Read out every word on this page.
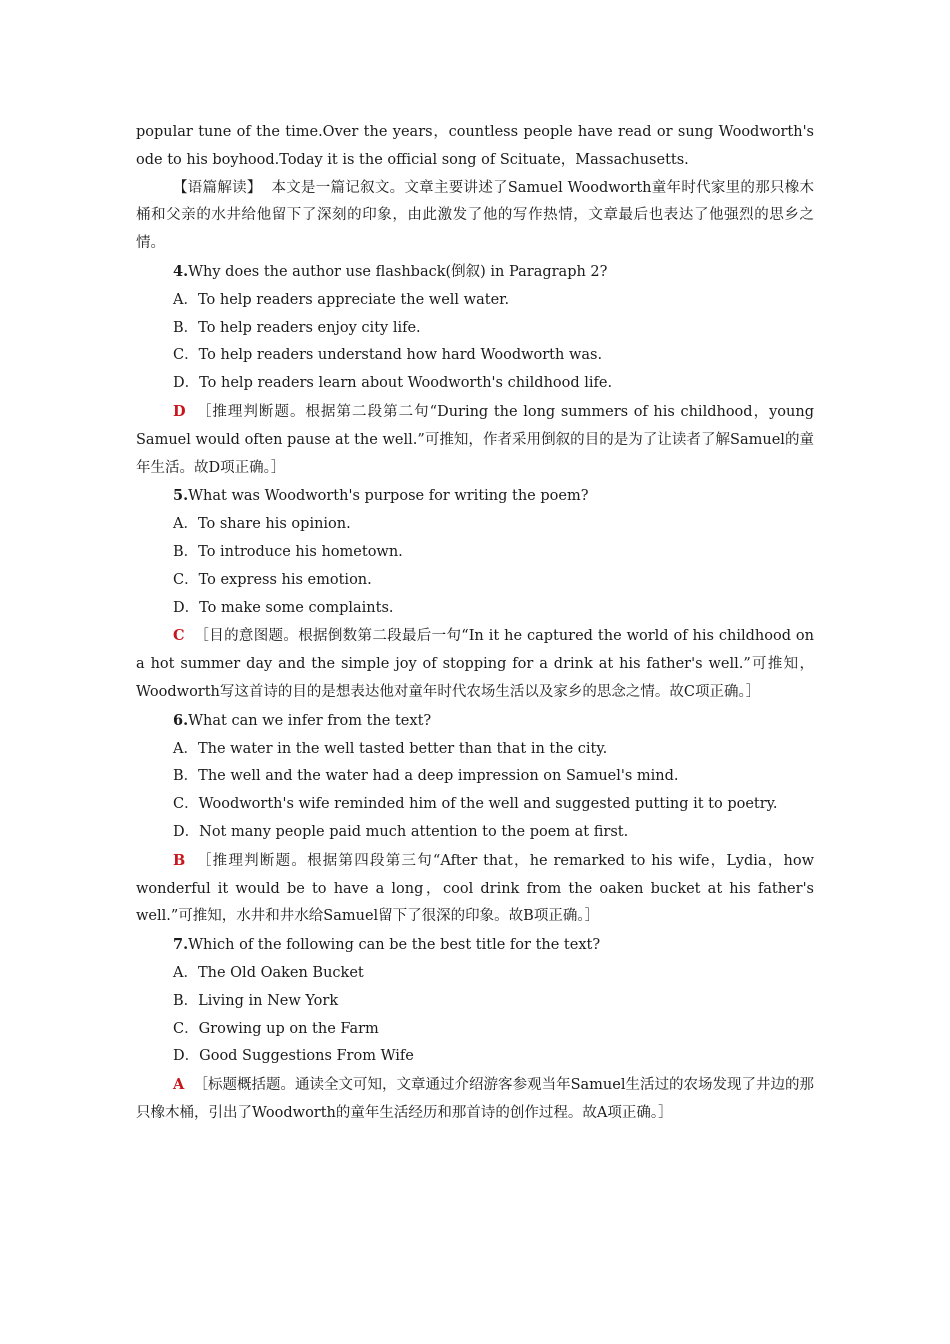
popular tune of the time.Over the years，countless people have read or sung Woodworth's ode to his boyhood.Today it is the official song of Scituate，Massachusetts.

【语篇解读】 本文是一篇记叙文。文章主要讲述了Samuel Woodworth童年时代家里的那只橡木桶和父亲的水井给他留下了深刻的印象，由此激发了他的写作热情，文章最后也表达了他强烈的思乡之情。

4.Why does the author use flashback(倒叙) in Paragraph 2?

A．To help readers appreciate the well water.

B．To help readers enjoy city life.

C．To help readers understand how hard Woodworth was.

D．To help readers learn about Woodworth's childhood life.

D ［推理判断题。根据第二段第二句“During the long summers of his childhood，young Samuel would often pause at the well.”可推知，作者采用倒叙的目的是为了让读者了解Samuel的童年生活。故D项正确。］

5.What was Woodworth's purpose for writing the poem?

A．To share his opinion.

B．To introduce his hometown.

C．To express his emotion.

D．To make some complaints.

C ［目的意图题。根据倒数第二段最后一句“In it he captured the world of his childhood on a hot summer day and the simple joy of stopping for a drink at his father's well.”可推知，Woodworth写这首诗的目的是想表达他对童年时代农场生活以及家乡的思念之情。故C项正确。］

6.What can we infer from the text?

A．The water in the well tasted better than that in the city.

B．The well and the water had a deep impression on Samuel's mind.

C．Woodworth's wife reminded him of the well and suggested putting it to poetry.

D．Not many people paid much attention to the poem at first.

B ［推理判断题。根据第四段第三句“After that，he remarked to his wife，Lydia，how wonderful it would be to have a long，cool drink from the oaken bucket at his father's well.”可推知，水井和井水给Samuel留下了很深的印象。故B项正确。］

7.Which of the following can be the best title for the text?

A．The Old Oaken Bucket

B．Living in New York

C．Growing up on the Farm

D．Good Suggestions From Wife

A ［标题概括题。通读全文可知，文章通过介绍游客参观当年Samuel生活过的农场发现了井边的那只橡木桶，引出了Woodworth的童年生活经历和那首诗的创作过程。故A项正确。］
